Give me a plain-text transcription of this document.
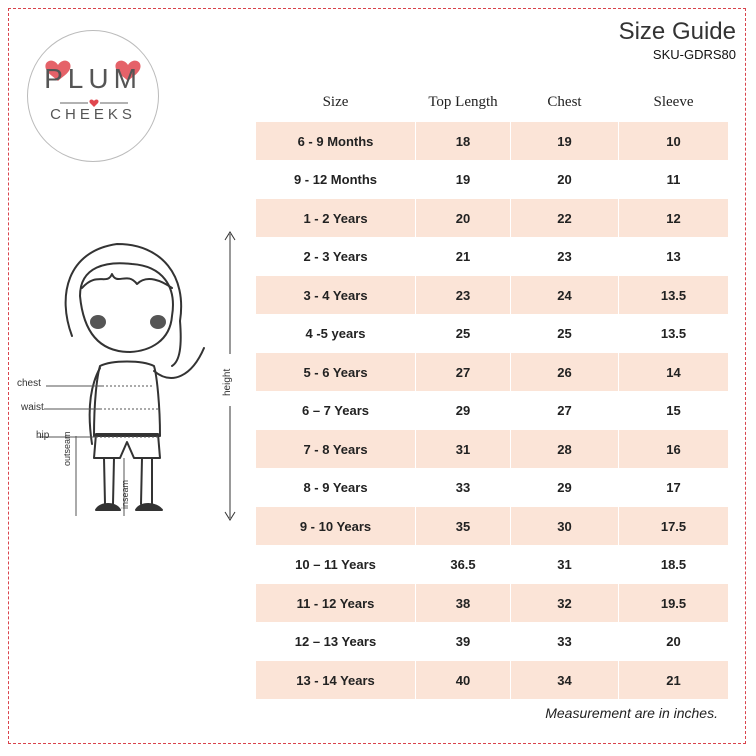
Size Guide
SKU-GDRS80
PLUM
CHEEKS
chest
waist
hip outseam
inseam
height
Size	Top Length	Chest	Sleeve
6 - 9 Months	18	19	10
9 - 12 Months	19	20	11
1 - 2 Years	20	22	12
2 - 3 Years	21	23	13
3 - 4 Years	23	24	13.5
4 -5 years	25	25	13.5
5 - 6 Years	27	26	14
6 – 7 Years	29	27	15
7 - 8 Years	31	28	16
8 - 9 Years	33	29	17
9 - 10 Years	35	30	17.5
10 – 11 Years	36.5	31	18.5
11 - 12 Years	38	32	19.5
12 – 13 Years	39	33	20
13 - 14 Years	40	34	21
Measurement are in inches.
